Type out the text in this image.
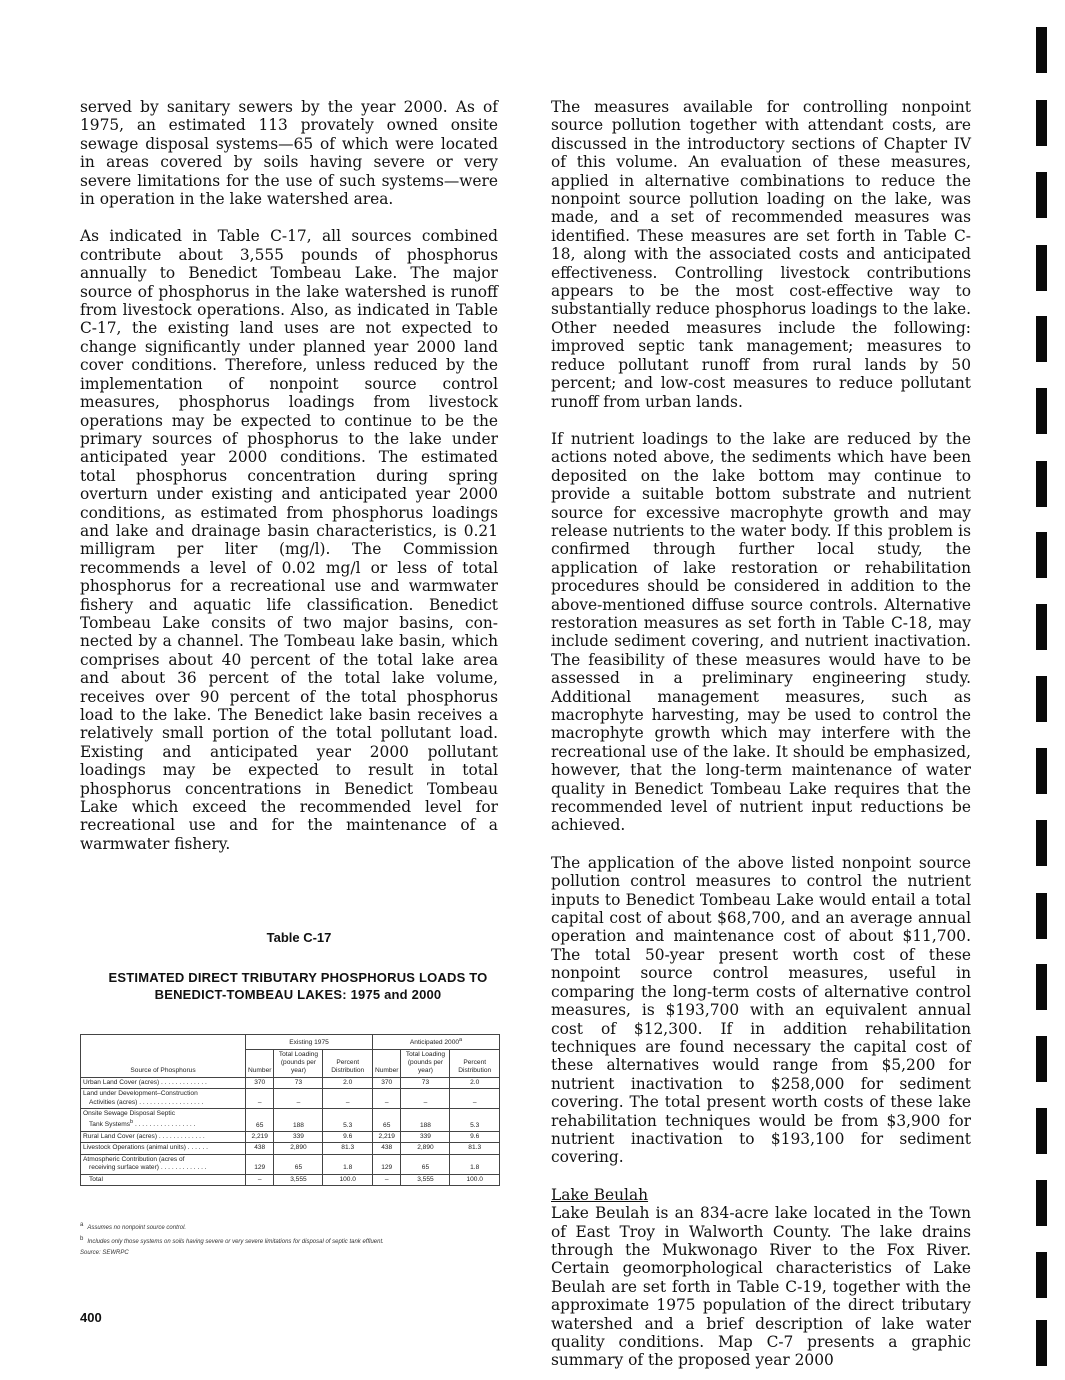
served by sanitary sewers by the year 2000. As of 1975, an estimated 113 provately owned onsite sewage disposal systems—65 of which were located in areas covered by soils having severe or very severe limitations for the use of such systems—were in operation in the lake watershed area.

As indicated in Table C-17, all sources combined contribute about 3,555 pounds of phosphorus annually to Benedict Tombeau Lake. The major source of phosphorus in the lake watershed is runoff from livestock operations. Also, as indicated in Table C-17, the existing land uses are not expected to change significantly under planned year 2000 land cover conditions. Therefore, unless reduced by the implementation of nonpoint source control measures, phosphorus loadings from livestock operations may be expected to continue to be the primary sources of phosphorus to the lake under anticipated year 2000 conditions. The estimated total phosphorus concentration during spring overturn under existing and anticipated year 2000 conditions, as estimated from phosphorus loadings and lake and drainage basin characteristics, is 0.21 milligram per liter (mg/l). The Commission recommends a level of 0.02 mg/l or less of total phosphorus for a recreational use and warmwater fishery and aquatic life classification. Benedict Tombeau Lake consits of two major basins, connected by a channel. The Tombeau lake basin, which comprises about 40 percent of the total lake area and about 36 percent of the total lake volume, receives over 90 percent of the total phosphorus load to the lake. The Benedict lake basin receives a relatively small portion of the total pollutant load. Existing and anticipated year 2000 pollutant loadings may be expected to result in total phosphorus concentrations in Benedict Tombeau Lake which exceed the recommended level for recreational use and for the maintenance of a warmwater fishery.

The measures available for controlling nonpoint source pollution together with attendant costs, are discussed in the introductory sections of Chapter IV of this volume. An evaluation of these measures, applied in alternative combinations to reduce the nonpoint source pollution loading on the lake, was made, and a set of recommended measures was identified. These measures are set forth in Table C-18, along with the associated costs and anticipated effectiveness. Controlling livestock contributions appears to be the most cost-effective way to substantially reduce phosphorus loadings to the lake. Other needed measures include the following: improved septic tank management; measures to reduce pollutant runoff from rural lands by 50 percent; and low-cost measures to reduce pollutant runoff from urban lands.

If nutrient loadings to the lake are reduced by the actions noted above, the sediments which have been deposited on the lake bottom may continue to provide a suitable bottom substrate and nutrient source for excessive macrophyte growth and may release nutrients to the water body. If this problem is confirmed through further local study, the application of lake restoration or rehabilitation procedures should be considered in addition to the above-mentioned diffuse source controls. Alternative restoration measures as set forth in Table C-18, may include sediment covering, and nutrient inactivation. The feasibility of these measures would have to be assessed in a preliminary engineering study. Additional management measures, such as macrophyte harvesting, may be used to control the macrophyte growth which may interfere with the recreational use of the lake. It should be emphasized, however, that the long-term maintenance of water quality in Benedict Tombeau Lake requires that the recommended level of nutrient input reductions be achieved.

The application of the above listed nonpoint source pollution control measures to control the nutrient inputs to Benedict Tombeau Lake would entail a total capital cost of about $68,700, and an average annual operation and maintenance cost of about $11,700. The total 50-year present worth cost of these nonpoint source control measures, useful in comparing the long-term costs of alternative control measures, is $193,700 with an equivalent annual cost of $12,300. If in addition rehabilitation techniques are found necessary the capital cost of these alternatives would range from $5,200 for nutrient inactivation to $258,000 for sediment covering. The total present worth costs of these lake rehabilitation techniques would be from $3,900 for nutrient inactivation to $193,100 for sediment covering.

Lake Beulah
Lake Beulah is an 834-acre lake located in the Town of East Troy in Walworth County. The lake drains through the Mukwonago River to the Fox River. Certain geomorphological characteristics of Lake Beulah are set forth in Table C-19, together with the approximate 1975 population of the direct tributary watershed and a brief description of lake water quality conditions. Map C-7 presents a graphic summary of the proposed year 2000

Table C-17
ESTIMATED DIRECT TRIBUTARY PHOSPHORUS LOADS TO
BENEDICT-TOMBEAU LAKES: 1975 and 2000
Source of Phosphorus	Existing 1975			Anticipated 2000$^a$
	Number	Total Loading (pounds per year)	Percent Distribution	Number	Total Loading (pounds per year)	Percent Distribution

Urban Land Cover (acres) . . . . . . . . . . . . .	370	73	2.0	370	73	2.0

Land under Development–Construction
Activities (acres) . . . . . . . . . . . . . . . . . .	–	–	–	–	–	–

Onsite Sewage Disposal Septic
Tank Systems$^b$ . . . . . . . . . . . . . . . . .	65	188	5.3	65	188	5.3

Rural Land Cover (acres) . . . . . . . . . . . . .	2,219	339	9.6	2,219	339	9.6

Livestock Operations (animal units) . . . . . .	438	2,890	81.3	438	2,890	81.3

Atmospheric Contribution (acres of
receiving surface water) . . . . . . . . . . . . .	129	65	1.8	129	65	1.8

Total	–	3,555	100.0	–	3,555	100.0
a Assumes no nonpoint source control.
b Includes only those systems on soils having severe or very severe limitations for disposal of septic tank effluent.
Source: SEWRPC
400
